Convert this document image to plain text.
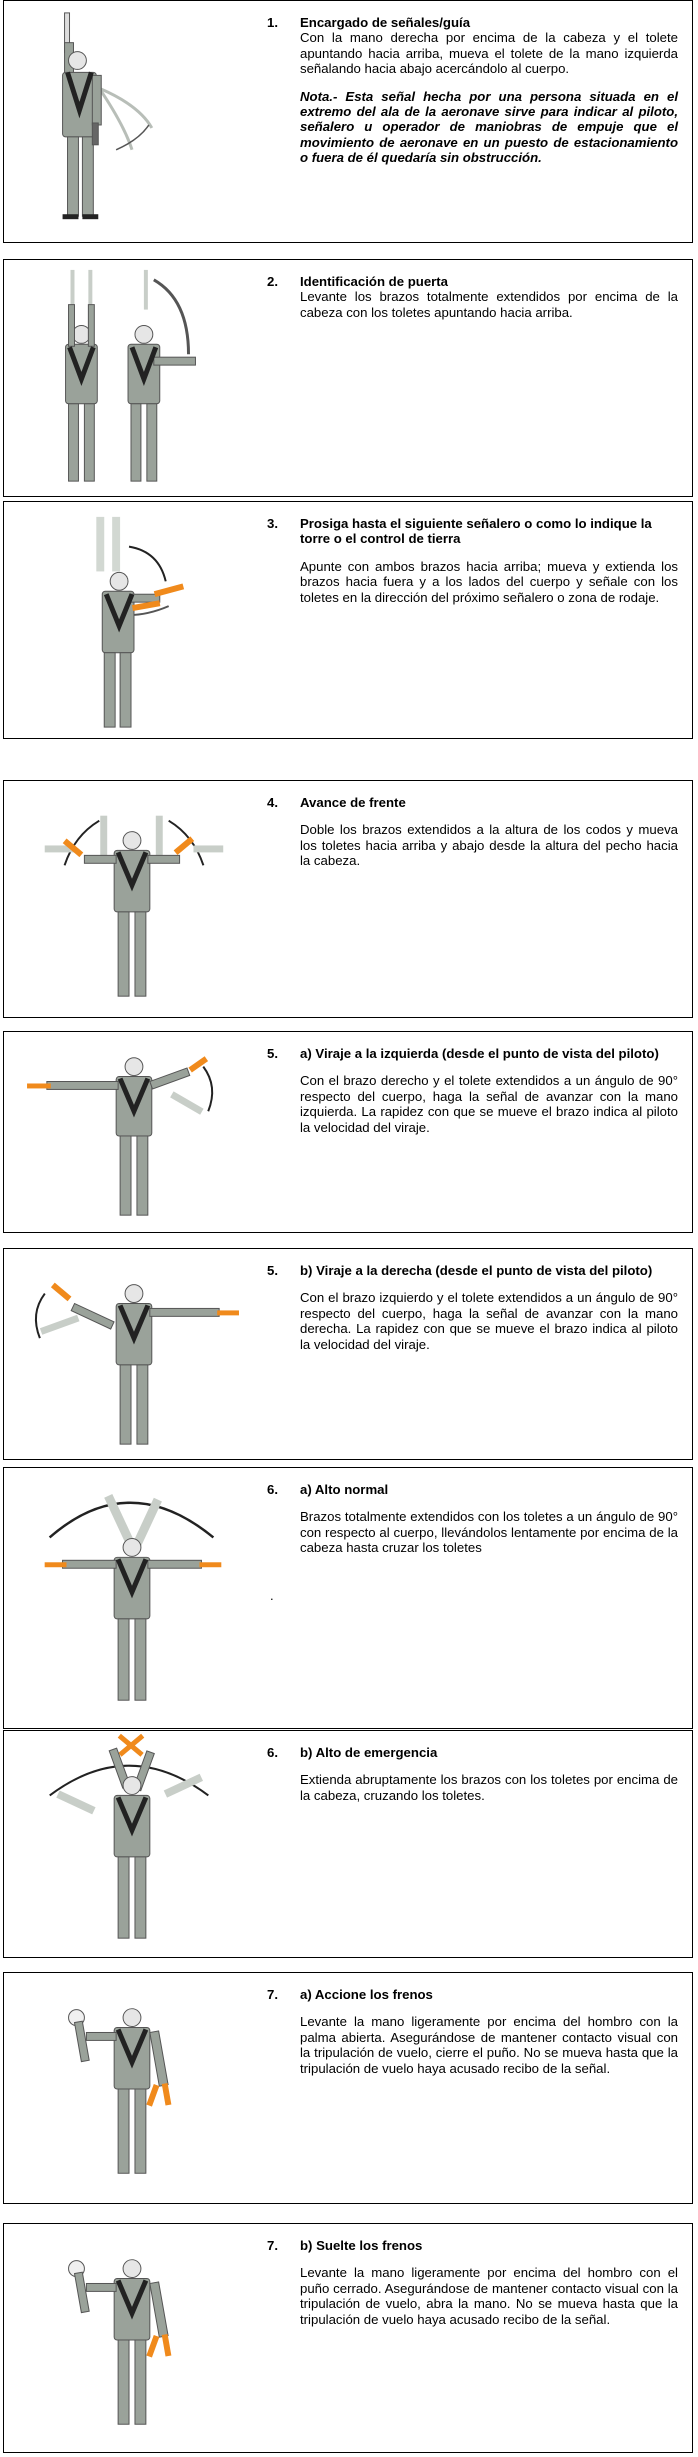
1.	Encargado de señales/guía
Con la mano derecha por encima de la cabeza y el tolete apuntando hacia arriba, mueva el tolete de la mano izquierda señalando hacia abajo acercándolo al cuerpo.
Nota.- Esta señal hecha por una persona situada en el extremo del ala de la aeronave sirve para indicar al piloto, señalero u operador de maniobras de empuje que el movimiento de aeronave en un puesto de estacionamiento o fuera de él quedaría sin obstrucción.
2.	Identificación de puerta
Levante los brazos totalmente extendidos por encima de la cabeza con los toletes apuntando hacia arriba.
3.	Prosiga hasta el siguiente señalero o como lo indique la torre o el control de tierra
Apunte con ambos brazos hacia arriba; mueva y extienda los brazos hacia fuera y a los lados del cuerpo y señale con los toletes en la dirección del próximo señalero o zona de rodaje.
4.	Avance de frente
Doble los brazos extendidos a la altura de los codos y mueva los toletes hacia arriba y abajo desde la altura del pecho hacia la cabeza.
5.	a) Viraje a la izquierda (desde el punto de vista del piloto)
Con el brazo derecho y el tolete extendidos a un ángulo de 90° respecto del cuerpo, haga la señal de avanzar con la mano izquierda. La rapidez con que se mueve el brazo indica al piloto la velocidad del viraje.
5.	b) Viraje a la derecha (desde el punto de vista del piloto)
Con el brazo izquierdo y el tolete extendidos a un ángulo de 90° respecto del cuerpo, haga la señal de avanzar con la mano derecha. La rapidez con que se mueve el brazo indica al piloto la velocidad del viraje.
6.	a) Alto normal
Brazos totalmente extendidos con los toletes a un ángulo de 90° con respecto al cuerpo, llevándolos lentamente por encima de la cabeza hasta cruzar los toletes
.
6.	b) Alto de emergencia
Extienda abruptamente los brazos con los toletes por encima de la cabeza, cruzando los toletes.
7.	a) Accione los frenos
Levante la mano ligeramente por encima del hombro con la palma abierta. Asegurándose de mantener contacto visual con la tripulación de vuelo, cierre el puño. No se mueva hasta que la tripulación de vuelo haya acusado recibo de la señal.
7.	b) Suelte los frenos
Levante la mano ligeramente por encima del hombro con el puño cerrado. Asegurándose de mantener contacto visual con la tripulación de vuelo, abra la mano. No se mueva hasta que la tripulación de vuelo haya acusado recibo de la señal.
